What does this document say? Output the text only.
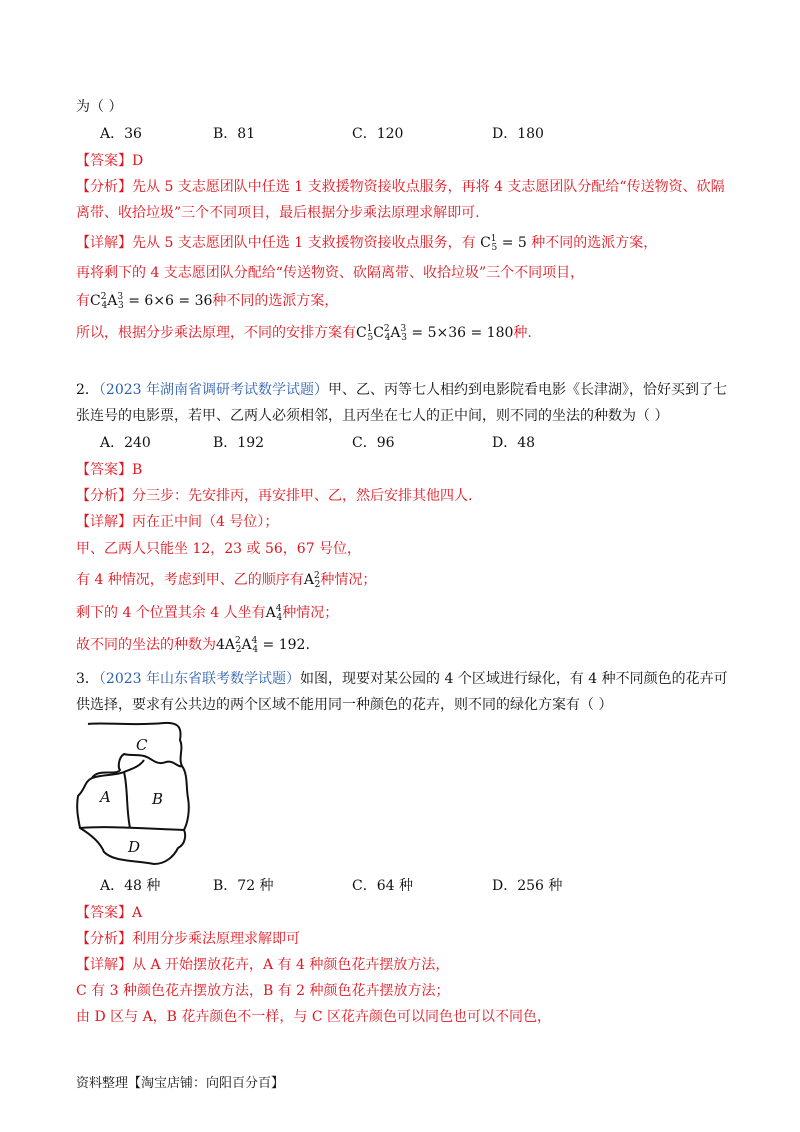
为（ ）
A．36	B．81	C．120	D．180
【答案】D
【分析】先从 5 支志愿团队中任选 1 支救援物资接收点服务，再将 4 支志愿团队分配给“传送物资、砍隔
离带、收拾垃圾”三个不同项目，最后根据分步乘法原理求解即可.
【详解】先从 5 支志愿团队中任选 1 支救援物资接收点服务，有 $C^1_5 = 5$ 种不同的选派方案，
再将剩下的 4 支志愿团队分配给“传送物资、砍隔离带、收拾垃圾”三个不同项目，
有$C^2_4A^3_3 = 6\times 6 = 36$种不同的选派方案，
所以，根据分步乘法原理，不同的安排方案有$C^1_5C^2_4A^3_3 = 5\times 36 = 180$种.
2．（2023 年湖南省调研考试数学试题）甲、乙、丙等七人相约到电影院看电影《长津湖》，恰好买到了七
张连号的电影票，若甲、乙两人必须相邻，且丙坐在七人的正中间，则不同的坐法的种数为（ ）
A．240	B．192	C．96	D．48
【答案】B
【分析】分三步：先安排丙，再安排甲、乙，然后安排其他四人.
【详解】丙在正中间（4 号位）；
甲、乙两人只能坐 12，23 或 56，67 号位，
有 4 种情况，考虑到甲、乙的顺序有$A^2_2$种情况；
剩下的 4 个位置其余 4 人坐有$A^4_4$种情况；
故不同的坐法的种数为$4A^2_2A^4_4 = 192$.
3．（2023 年山东省联考数学试题）如图，现要对某公园的 4 个区域进行绿化，有 4 种不同颜色的花卉可
供选择，要求有公共边的两个区域不能用同一种颜色的花卉，则不同的绿化方案有（ ）
C
A	B
D
A．48 种	B．72 种	C．64 种	D．256 种
【答案】A
【分析】利用分步乘法原理求解即可
【详解】从 A 开始摆放花卉，A 有 4 种颜色花卉摆放方法，
C 有 3 种颜色花卉摆放方法，B 有 2 种颜色花卉摆放方法；
由 D 区与 A，B 花卉颜色不一样，与 C 区花卉颜色可以同色也可以不同色，
资料整理【淘宝店铺：向阳百分百】
